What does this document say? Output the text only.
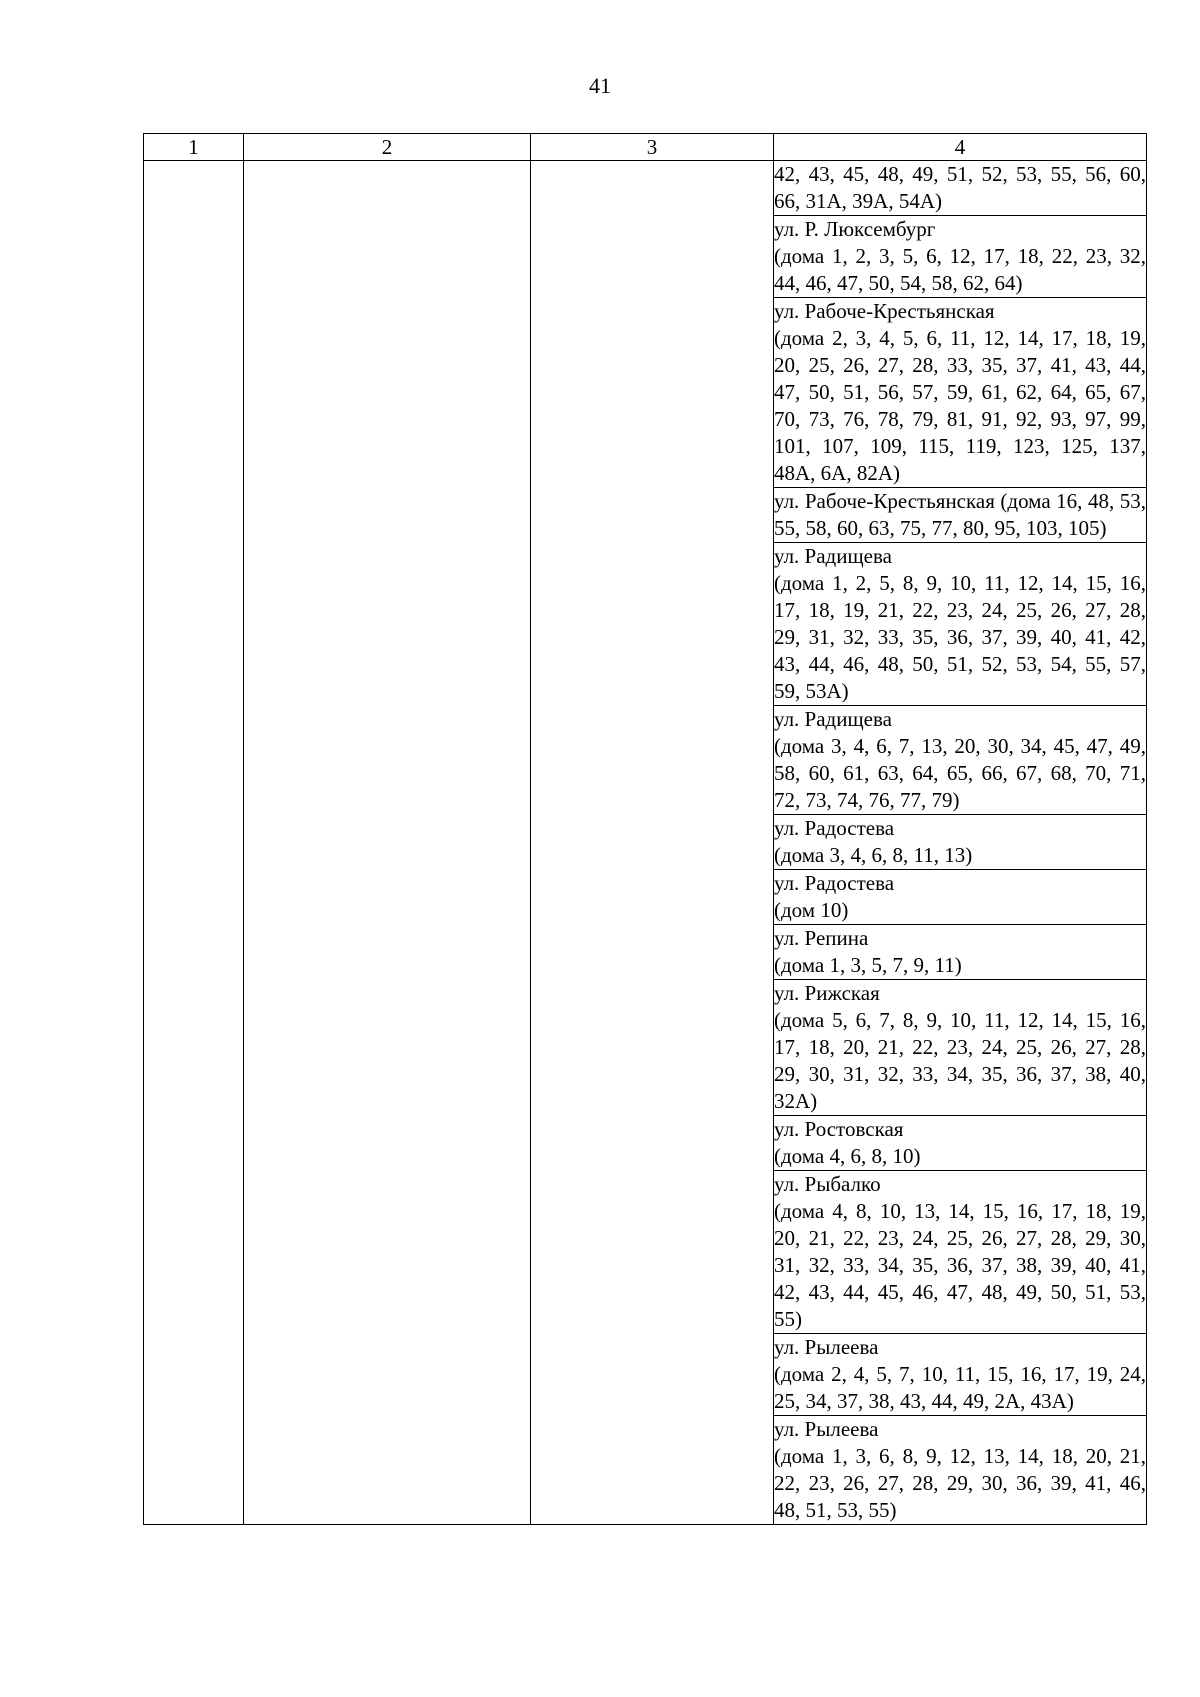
41
1	2	3	4

			42, 43, 45, 48, 49, 51, 52, 53, 55, 56, 60, 66, 31А, 39А, 54А)

			ул. Р. Люксембург
(дома 1, 2, 3, 5, 6, 12, 17, 18, 22, 23, 32, 44, 46, 47, 50, 54, 58, 62, 64)

			ул. Рабоче-Крестьянская
(дома 2, 3, 4, 5, 6, 11, 12, 14, 17, 18, 19, 20, 25, 26, 27, 28, 33, 35, 37, 41, 43, 44, 47, 50, 51, 56, 57, 59, 61, 62, 64, 65, 67, 70, 73, 76, 78, 79, 81, 91, 92, 93, 97, 99, 101, 107, 109, 115, 119, 123, 125, 137, 48А, 6А, 82А)

			ул. Рабоче-Крестьянская (дома 16, 48, 53, 55, 58, 60, 63, 75, 77, 80, 95, 103, 105)

			ул. Радищева
(дома 1, 2, 5, 8, 9, 10, 11, 12, 14, 15, 16, 17, 18, 19, 21, 22, 23, 24, 25, 26, 27, 28, 29, 31, 32, 33, 35, 36, 37, 39, 40, 41, 42, 43, 44, 46, 48, 50, 51, 52, 53, 54, 55, 57, 59, 53А)

			ул. Радищева
(дома 3, 4, 6, 7, 13, 20, 30, 34, 45, 47, 49, 58, 60, 61, 63, 64, 65, 66, 67, 68, 70, 71, 72, 73, 74, 76, 77, 79)

			ул. Радостева
(дома 3, 4, 6, 8, 11, 13)

			ул. Радостева
(дом 10)

			ул. Репина
(дома 1, 3, 5, 7, 9, 11)

			ул. Рижская
(дома 5, 6, 7, 8, 9, 10, 11, 12, 14, 15, 16, 17, 18, 20, 21, 22, 23, 24, 25, 26, 27, 28, 29, 30, 31, 32, 33, 34, 35, 36, 37, 38, 40, 32А)

			ул. Ростовская
(дома 4, 6, 8, 10)

			ул. Рыбалко
(дома 4, 8, 10, 13, 14, 15, 16, 17, 18, 19, 20, 21, 22, 23, 24, 25, 26, 27, 28, 29, 30, 31, 32, 33, 34, 35, 36, 37, 38, 39, 40, 41, 42, 43, 44, 45, 46, 47, 48, 49, 50, 51, 53, 55)

			ул. Рылеева
(дома 2, 4, 5, 7, 10, 11, 15, 16, 17, 19, 24, 25, 34, 37, 38, 43, 44, 49, 2А, 43А)

			ул. Рылеева
(дома 1, 3, 6, 8, 9, 12, 13, 14, 18, 20, 21, 22, 23, 26, 27, 28, 29, 30, 36, 39, 41, 46, 48, 51, 53, 55)
